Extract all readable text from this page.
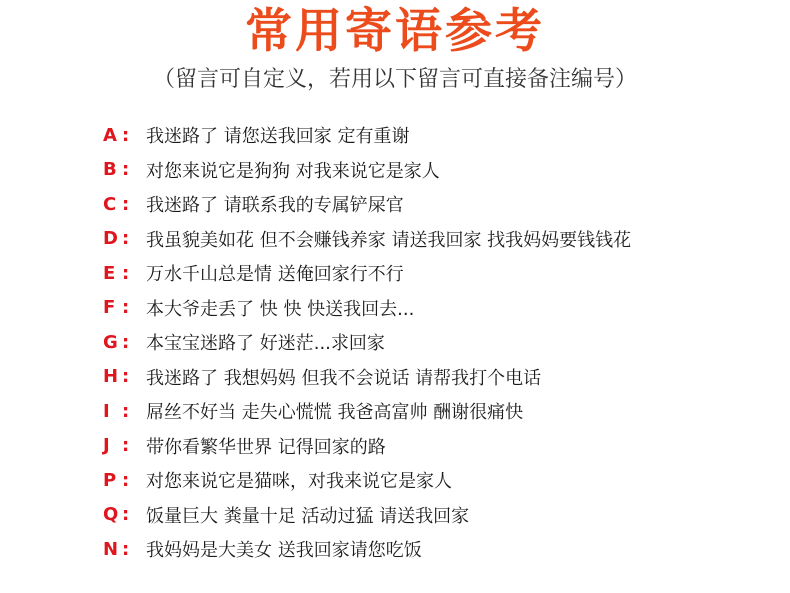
常用寄语参考
（留言可自定义，若用以下留言可直接备注编号）
A : 我迷路了 请您送我回家 定有重谢
B : 对您来说它是狗狗 对我来说它是家人
C : 我迷路了 请联系我的专属铲屎官
D : 我虽貌美如花 但不会赚钱养家 请送我回家 找我妈妈要钱钱花
E : 万水千山总是情 送俺回家行不行
F : 本大爷走丢了 快 快 快送我回去...
G : 本宝宝迷路了 好迷茫...求回家
H : 我迷路了 我想妈妈 但我不会说话 请帮我打个电话
I : 屌丝不好当 走失心慌慌 我爸高富帅 酬谢很痛快
J : 带你看繁华世界 记得回家的路
P : 对您来说它是猫咪，对我来说它是家人
Q : 饭量巨大 粪量十足 活动过猛 请送我回家
N : 我妈妈是大美女 送我回家请您吃饭
